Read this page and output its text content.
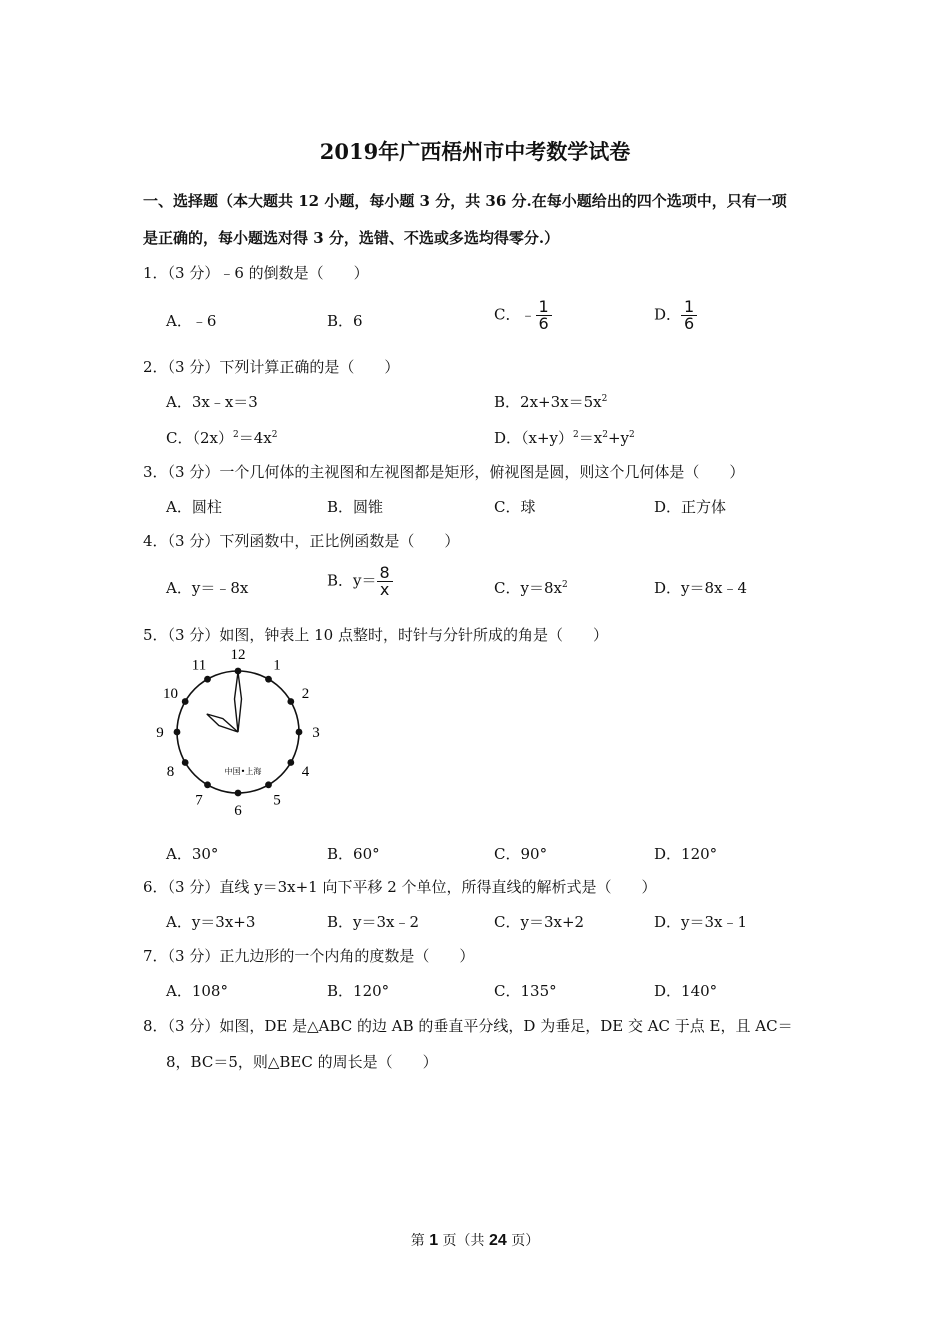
2019年广西梧州市中考数学试卷
一、选择题（本大题共 12 小题，每小题 3 分，共 36 分.在每小题给出的四个选项中，只有一项
是正确的，每小题选对得 3 分，选错、不选或多选均得零分.）
1．（3 分）﹣6 的倒数是（　　）
A．﹣6	B．6	C．﹣ $\frac{1}{6}$	D． $\frac{1}{6}$
2．（3 分）下列计算正确的是（　　）
A．3x﹣x＝3	B．$2x+3x=5x^2$
C．$(2x)^2=4x^2$	D．$(x+y)^2=x^2+y^2$
3．（3 分）一个几何体的主视图和左视图都是矩形，俯视图是圆，则这个几何体是（　　）
A．圆柱	B．圆锥	C．球	D．正方体
4．（3 分）下列函数中，正比例函数是（　　）
A．y＝﹣8x	B．$y= \frac{8}{x}$	C．$y=8x^2$	D．y＝8x﹣4
5．（3 分）如图，钟表上 10 点整时，时针与分针所成的角是（　　）
12
1
2
3
4
5
6
7
8
9
10
11
中国•上海
A．30°	B．60°	C．90°	D．120°
6．（3 分）直线 y＝3x+1 向下平移 2 个单位，所得直线的解析式是（　　）
A．y＝3x+3	B．y＝3x﹣2	C．y＝3x+2	D．y＝3x﹣1
7．（3 分）正九边形的一个内角的度数是（　　）
A．108°	B．120°	C．135°	D．140°
8．（3 分）如图，DE 是△ABC 的边 AB 的垂直平分线，D 为垂足，DE 交 AC 于点 E，且 AC＝
8，BC＝5，则△BEC 的周长是（　　）
第 1 页（共 24 页）
